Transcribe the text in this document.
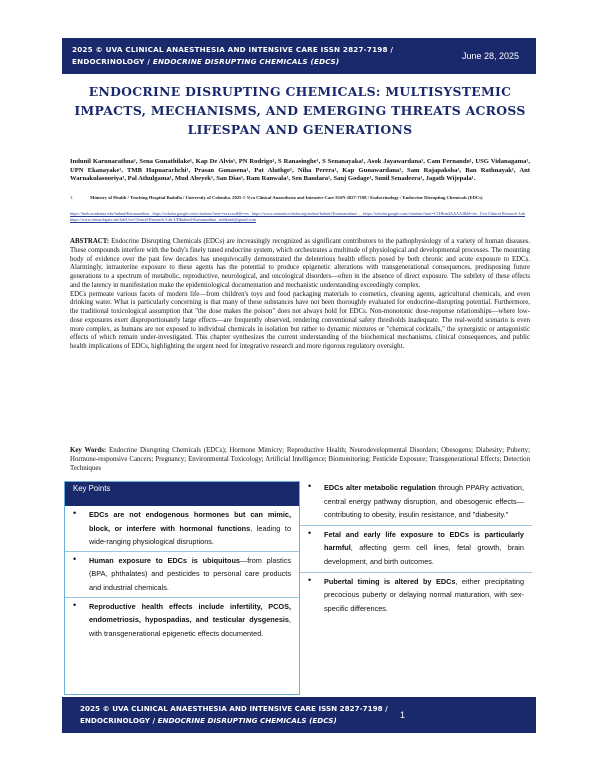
2025 © UVA CLINICAL ANAESTHESIA AND INTENSIVE CARE ISSN 2827-7198 /
ENDOCRINOLOGY / ENDOCRINE DISRUPTING CHEMICALS (EDCS)
June 28, 2025
ENDOCRINE DISRUPTING CHEMICALS: MULTISYSTEMIC IMPACTS, MECHANISMS, AND EMERGING THREATS ACROSS LIFESPAN AND GENERATIONS
Indunil Karunarathna¹, Sena Gunathilake¹, Kap De Alvis¹, PN Rodrigo¹, S Ranasinghe¹, S Senanayaka¹, Asok Jayawardana¹, Cam Fernando¹, USG Vidanagama¹, UPN Ekanayake¹, TMB Hapuarachchi¹, Prasan Gunasena¹, Pat Aluthge¹, Niha Perera¹, Kap Gunawardana¹, Sam Rajapaksha¹, Ban Rathnayak¹, Ant Warnakulasooriya¹, Pal Athulgama¹, Mud Abeyek¹, San Dias¹, Ram Ranwala¹, Sen Bandara¹, Sanj Godage¹, Sunil Senadeera¹, Jagath Wijepala¹.
1.	Ministry of Health / Teaching Hospital Badulla / University of Colombo. 2025 © Uva Clinical Anaesthesia and Intensive Care ISSN 2827-7198 / Endocrinology / Endocrine Disrupting Chemicals (EDCs)
https://lmib.academia.edu/IndunilKarunarathna , https://scholar.google.com/citations?user=xxxxxx&hl=en , https://www.semanticscholar.org/author/Indunil-Karunarathna/... , https://scholar.google.com/citations?user=C1HIrm4AAAAJ&hl=en , Uva Clinical Research Lab https://www.researchgate.net/lab/Uva-Clinical-Research-Lab-UDIndunil-Karunarathna , indikarul@gmail.com

ABSTRACT: Endocrine Disrupting Chemicals (EDCs) are increasingly recognized as significant contributors to the pathophysiology of a variety of human diseases. These compounds interfere with the body's finely tuned endocrine system, which orchestrates a multitude of physiological and developmental processes. The mounting body of evidence over the past few decades has unequivocally demonstrated the deleterious health effects posed by both chronic and acute exposure to EDCs. Alarmingly, intrauterine exposure to these agents has the potential to produce epigenetic alterations with transgenerational consequences, predisposing future generations to a spectrum of metabolic, reproductive, neurological, and oncological disorders—often in the absence of direct exposure. The subtlety of these effects and the latency in manifestation make the epidemiological documentation and mechanistic understanding exceedingly complex.

EDCs permeate various facets of modern life—from children's toys and food packaging materials to cosmetics, cleaning agents, agricultural chemicals, and even drinking water. What is particularly concerning is that many of these substances have not been thoroughly evaluated for endocrine-disrupting potential. Furthermore, the traditional toxicological assumption that "the dose makes the poison" does not always hold for EDCs. Non-monotonic dose-response relationships—where low-dose exposures exert disproportionately large effects—are frequently observed, rendering conventional safety thresholds inadequate. The real-world scenario is even more complex, as humans are not exposed to individual chemicals in isolation but rather to dynamic mixtures or "chemical cocktails," the synergistic or antagonistic effects of which remain under-investigated. This chapter synthesizes the current understanding of the biochemical mechanisms, clinical consequences, and public health implications of EDCs, highlighting the urgent need for integrative research and more rigorous regulatory oversight.

Key Words: Endocrine Disrupting Chemicals (EDCs); Hormone Mimicry; Reproductive Health; Neurodevelopmental Disorders; Obesogens; Diabesity; Puberty; Hormone-responsive Cancers; Pregnancy; Environmental Toxicology; Artificial Intelligence; Biomonitoring; Pesticide Exposure; Transgenerational Effects; Detection Techniques
Key Points
• EDCs are not endogenous hormones but can mimic, block, or interfere with hormonal functions, leading to wide-ranging physiological disruptions.
• Human exposure to EDCs is ubiquitous—from plastics (BPA, phthalates) and pesticides to personal care products and industrial chemicals.
• Reproductive health effects include infertility, PCOS, endometriosis, hypospadias, and testicular dysgenesis, with transgenerational epigenetic effects documented.
• EDCs alter metabolic regulation through PPARγ activation, central energy pathway disruption, and obesogenic effects—contributing to obesity, insulin resistance, and "diabesity."
• Fetal and early life exposure to EDCs is particularly harmful, affecting germ cell lines, fetal growth, brain development, and birth outcomes.
• Pubertal timing is altered by EDCs, either precipitating precocious puberty or delaying normal maturation, with sex-specific differences.
2025 © UVA CLINICAL ANAESTHESIA AND INTENSIVE CARE ISSN 2827-7198 /
ENDOCRINOLOGY / ENDOCRINE DISRUPTING CHEMICALS (EDCS)
1
